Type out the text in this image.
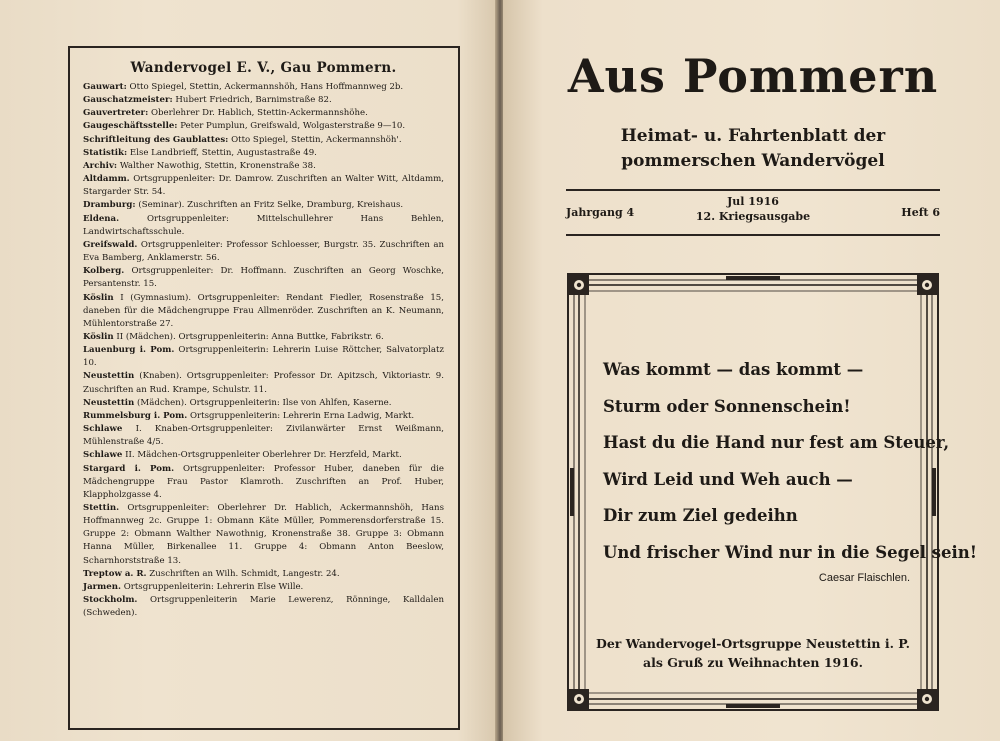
Wandervogel E. V., Gau Pommern.

Gauwart: Otto Spiegel, Stettin, Ackermannshöh, Hans Hoffmannweg 2b.

Gauschatzmeister: Hubert Friedrich, Barnimstraße 82.

Gauvertreter: Oberlehrer Dr. Hablich, Stettin-Ackermannshöhe.

Gaugeschäftsstelle: Peter Pumplun, Greifswald, Wolgasterstraße 9—10.

Schriftleitung des Gaublattes: Otto Spiegel, Stettin, Ackermannshöh'.

Statistik: Else Landbrieff, Stettin, Augustastraße 49.

Archiv: Walther Nawothig, Stettin, Kronenstraße 38.

Altdamm. Ortsgruppenleiter: Dr. Damrow. Zuschriften an Walter Witt, Altdamm, Stargarder Str. 54.

Dramburg: (Seminar). Zuschriften an Fritz Selke, Dramburg, Kreishaus.

Eldena. Ortsgruppenleiter: Mittelschullehrer Hans Behlen, Landwirtschaftsschule.

Greifswald. Ortsgruppenleiter: Professor Schloesser, Burgstr. 35. Zuschriften an Eva Bamberg, Anklamerstr. 56.

Kolberg. Ortsgruppenleiter: Dr. Hoffmann. Zuschriften an Georg Woschke, Persantenstr. 15.

Köslin I (Gymnasium). Ortsgruppenleiter: Rendant Fiedler, Rosenstraße 15, daneben für die Mädchengruppe Frau Allmenröder. Zuschriften an K. Neumann, Mühlentorstraße 27.

Köslin II (Mädchen). Ortsgruppenleiterin: Anna Buttke, Fabrikstr. 6.

Lauenburg i. Pom. Ortsgruppenleiterin: Lehrerin Luise Röttcher, Salvatorplatz 10.

Neustettin (Knaben). Ortsgruppenleiter: Professor Dr. Apitzsch, Viktoriastr. 9. Zuschriften an Rud. Krampe, Schulstr. 11.

Neustettin (Mädchen). Ortsgruppenleiterin: Ilse von Ahlfen, Kaserne.

Rummelsburg i. Pom. Ortsgruppenleiterin: Lehrerin Erna Ladwig, Markt.

Schlawe I. Knaben-Ortsgruppenleiter: Zivilanwärter Ernst Weißmann, Mühlenstraße 4/5.

Schlawe II. Mädchen-Ortsgruppenleiter Oberlehrer Dr. Herzfeld, Markt.

Stargard i. Pom. Ortsgruppenleiter: Professor Huber, daneben für die Mädchengruppe Frau Pastor Klamroth. Zuschriften an Prof. Huber, Klappholzgasse 4.

Stettin. Ortsgruppenleiter: Oberlehrer Dr. Hablich, Ackermannshöh, Hans Hoffmannweg 2c. Gruppe 1: Obmann Käte Müller, Pommerensdorferstraße 15. Gruppe 2: Obmann Walther Nawothnig, Kronenstraße 38. Gruppe 3: Obmann Hanna Müller, Birkenallee 11. Gruppe 4: Obmann Anton Beeslow, Scharnhorststraße 13.

Treptow a. R. Zuschriften an Wilh. Schmidt, Langestr. 24.

Jarmen. Ortsgruppenleiterin: Lehrerin Else Wille.

Stockholm. Ortsgruppenleiterin Marie Lewerenz, Rönninge, Kalldalen (Schweden).

Aus Pommern
Heimat- u. Fahrtenblatt der
pommerschen Wandervögel
Jahrgang 4
Jul 1916
12. Kriegsausgabe	Heft 6
Was kommt — das kommt —
Sturm oder Sonnenschein!
Hast du die Hand nur fest am Steuer,
Wird Leid und Weh auch —
Dir zum Ziel gedeihn
Und frischer Wind nur in die Segel sein!
Caesar Flaischlen.
Der Wandervogel-Ortsgruppe Neustettin i. P.
als Gruß zu Weihnachten 1916.
